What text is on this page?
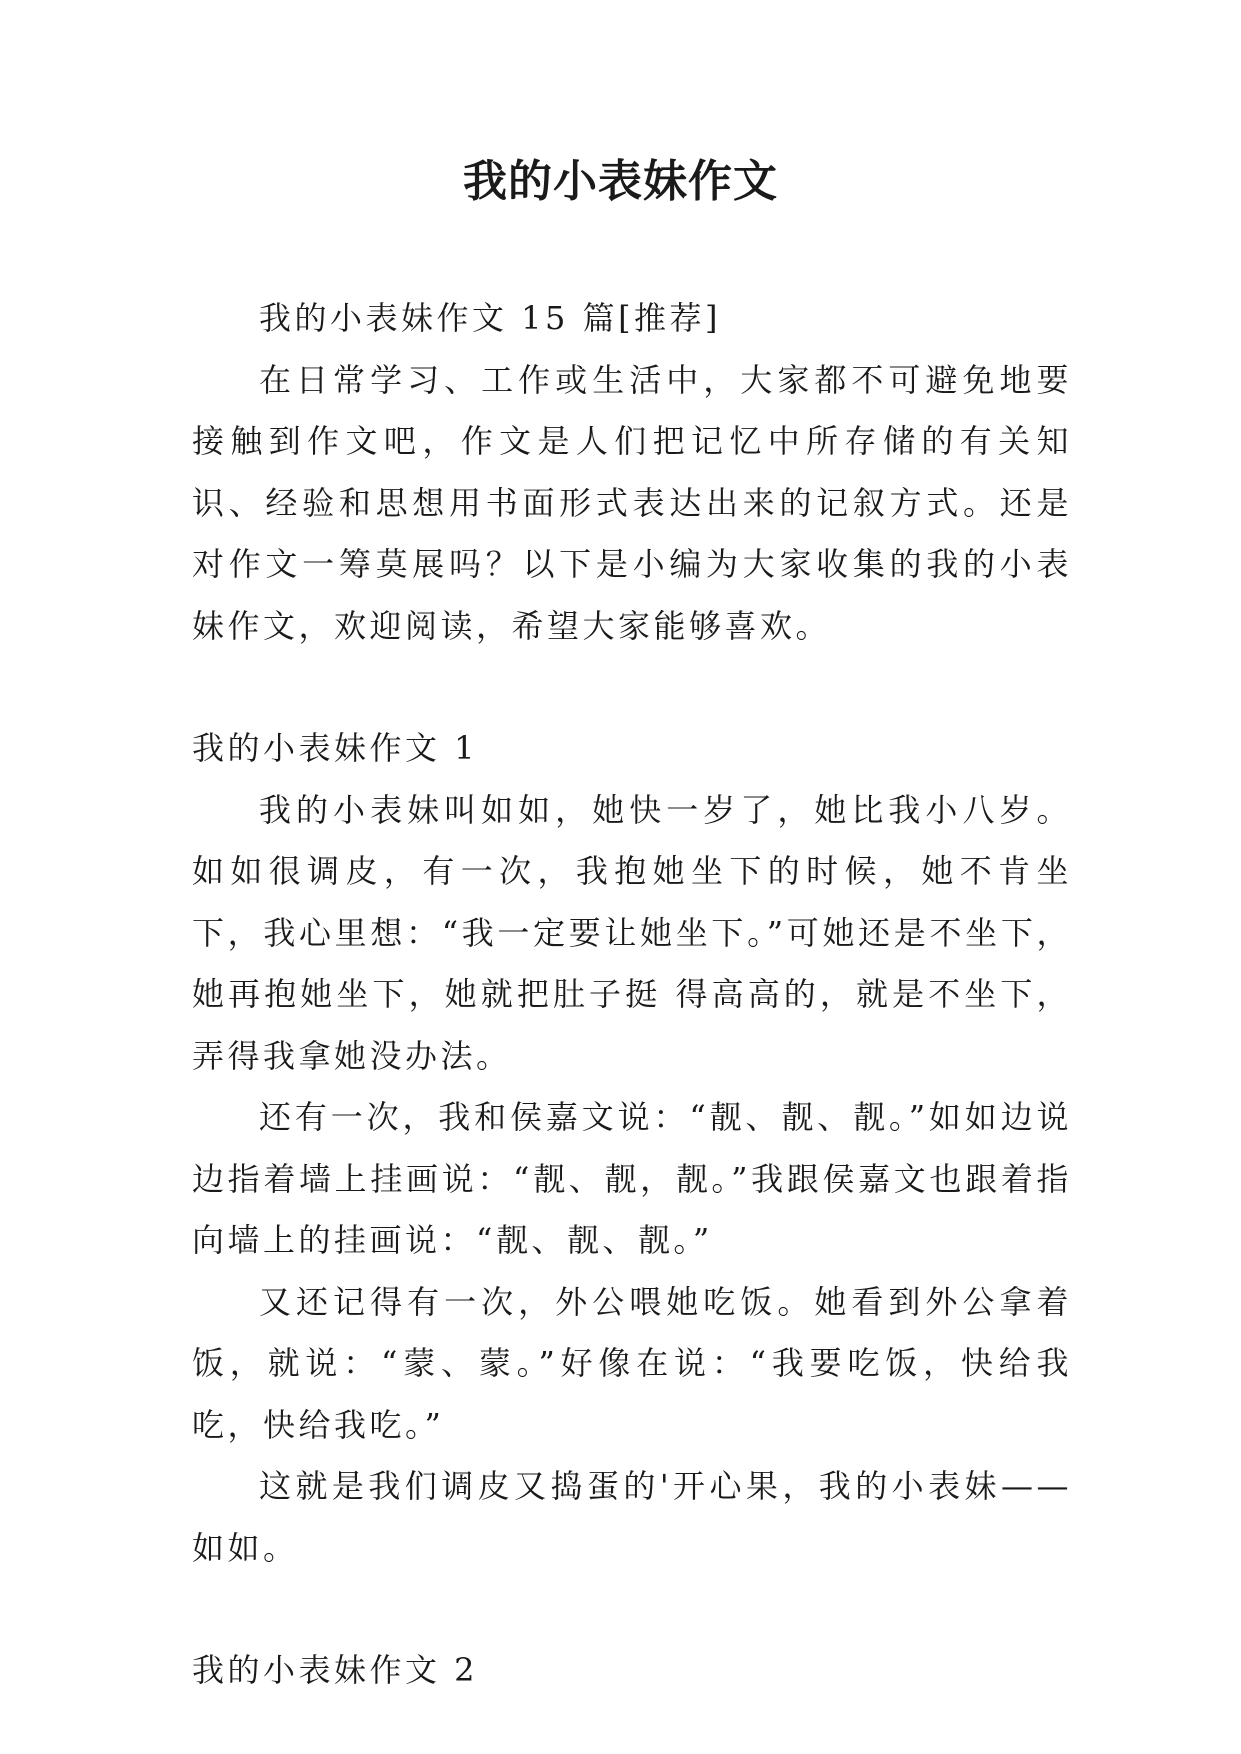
我的小表妹作文

我的小表妹作文 15 篇[推荐]

在日常学习、工作或生活中，大家都不可避免地要接触到作文吧，作文是人们把记忆中所存储的有关知识、经验和思想用书面形式表达出来的记叙方式。还是对作文一筹莫展吗？以下是小编为大家收集的我的小表妹作文，欢迎阅读，希望大家能够喜欢。

我的小表妹作文 1

我的小表妹叫如如，她快一岁了，她比我小八岁。如如很调皮，有一次，我抱她坐下的时候，她不肯坐下，我心里想：“我一定要让她坐下。”可她还是不坐下，她再抱她坐下，她就把肚子挺 得高高的，就是不坐下，弄得我拿她没办法。

还有一次，我和侯嘉文说：“靓、靓、靓。”如如边说边指着墙上挂画说：“靓、靓，靓。”我跟侯嘉文也跟着指向墙上的挂画说：“靓、靓、靓。”

又还记得有一次，外公喂她吃饭。她看到外公拿着饭，就说：“蒙、蒙。”好像在说：“我要吃饭，快给我吃，快给我吃。”

这就是我们调皮又捣蛋的'开心果，我的小表妹——如如。

我的小表妹作文 2
